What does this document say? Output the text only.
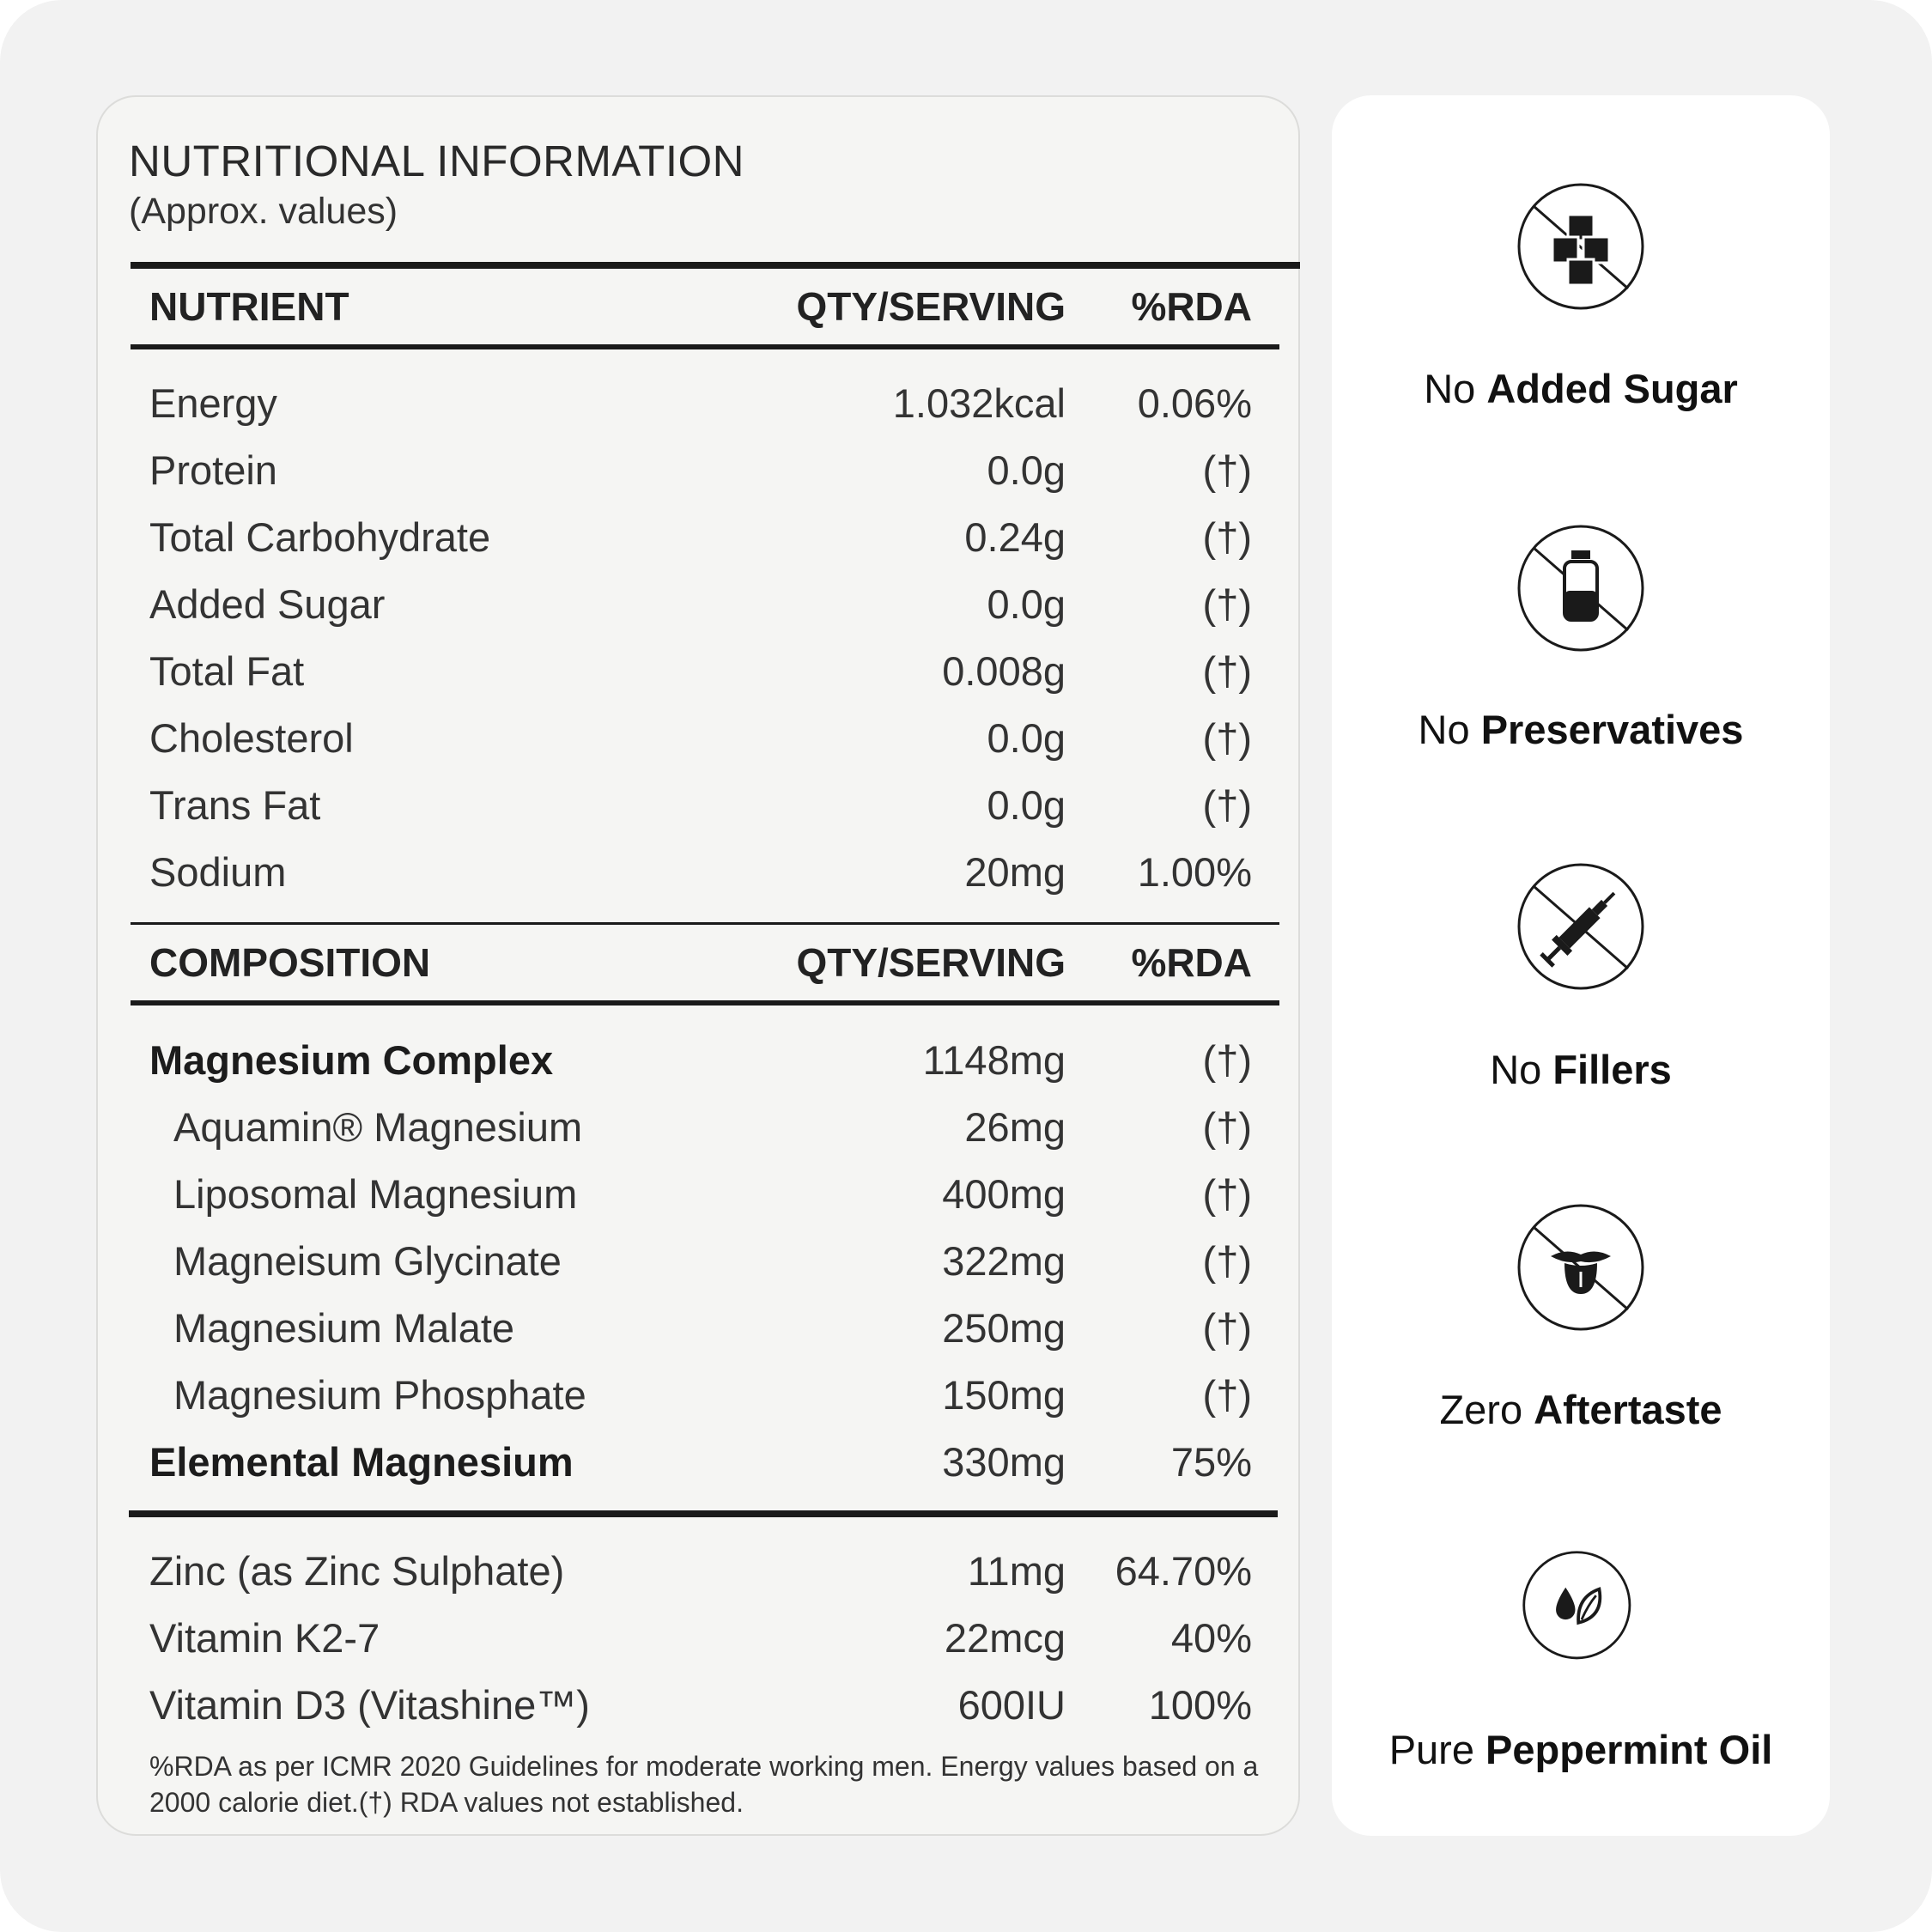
NUTRITIONAL INFORMATION
(Approx. values)
NUTRIENT	QTY/SERVING %RDA
Energy	1.032kcal 0.06%
Protein	0.0g	(†)
Total Carbohydrate	0.24g	(†)
Added Sugar	0.0g	(†)
Total Fat	0.008g	(†)
Cholesterol	0.0g	(†)
Trans Fat	0.0g	(†)
Sodium	20mg 1.00%
COMPOSITION	QTY/SERVING %RDA
Magnesium Complex	1148mg	(†)
Aquamin® Magnesium	26mg	(†)
Liposomal Magnesium	400mg	(†)
Magneisum Glycinate	322mg	(†)
Magnesium Malate	250mg	(†)
Magnesium Phosphate	150mg	(†)
Elemental Magnesium	330mg	75%
Zinc (as Zinc Sulphate)	11mg 64.70%
Vitamin K2-7	22mcg	40%
Vitamin D3 (Vitashine™)	600IU 100%
%RDA as per ICMR 2020 Guidelines for moderate working men. Energy values based on a 2000 calorie diet.(†) RDA values not established.
No Added Sugar
No Preservatives
No Fillers
Zero Aftertaste
Pure Peppermint Oil
